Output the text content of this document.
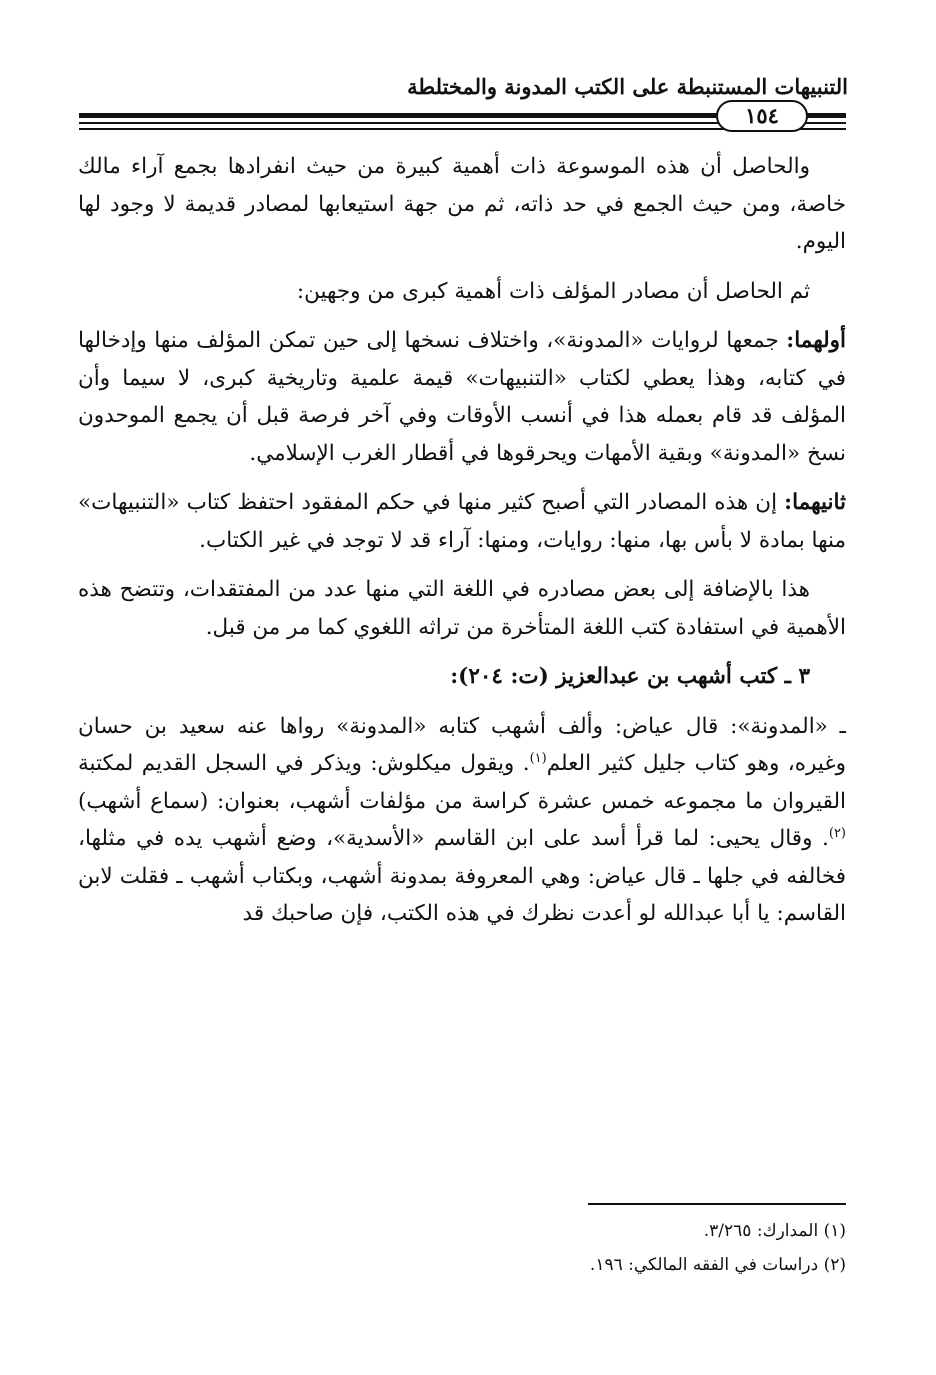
التنبيهات المستنبطة على الكتب المدونة والمختلطة
١٥٤

والحاصل أن هذه الموسوعة ذات أهمية كبيرة من حيث انفرادها بجمع آراء مالك خاصة، ومن حيث الجمع في حد ذاته، ثم من جهة استيعابها لمصادر قديمة لا وجود لها اليوم.

ثم الحاصل أن مصادر المؤلف ذات أهمية كبرى من وجهين:

أولهما: جمعها لروايات «المدونة»، واختلاف نسخها إلى حين تمكن المؤلف منها وإدخالها في كتابه، وهذا يعطي لكتاب «التنبيهات» قيمة علمية وتاريخية كبرى، لا سيما وأن المؤلف قد قام بعمله هذا في أنسب الأوقات وفي آخر فرصة قبل أن يجمع الموحدون نسخ «المدونة» وبقية الأمهات ويحرقوها في أقطار الغرب الإسلامي.

ثانيهما: إن هذه المصادر التي أصبح كثير منها في حكم المفقود احتفظ كتاب «التنبيهات» منها بمادة لا بأس بها، منها: روايات، ومنها: آراء قد لا توجد في غير الكتاب.

هذا بالإضافة إلى بعض مصادره في اللغة التي منها عدد من المفتقدات، وتتضح هذه الأهمية في استفادة كتب اللغة المتأخرة من تراثه اللغوي كما مر من قبل.

٣ ـ كتب أشهب بن عبدالعزيز (ت: ٢٠٤):

ـ «المدونة»: قال عياض: وألف أشهب كتابه «المدونة» رواها عنه سعيد بن حسان وغيره، وهو كتاب جليل كثير العلم$^{(١)}$. ويقول ميكلوش: ويذكر في السجل القديم لمكتبة القيروان ما مجموعه خمس عشرة كراسة من مؤلفات أشهب، بعنوان: (سماع أشهب)$^{(٢)}$. وقال يحيى: لما قرأ أسد على ابن القاسم «الأسدية»، وضع أشهب يده في مثلها، فخالفه في جلها ـ قال عياض: وهي المعروفة بمدونة أشهب، وبكتاب أشهب ـ فقلت لابن القاسم: يا أبا عبدالله لو أعدت نظرك في هذه الكتب، فإن صاحبك قد

(١) المدارك: ٣/٢٦٥.
(٢) دراسات في الفقه المالكي: ١٩٦.
